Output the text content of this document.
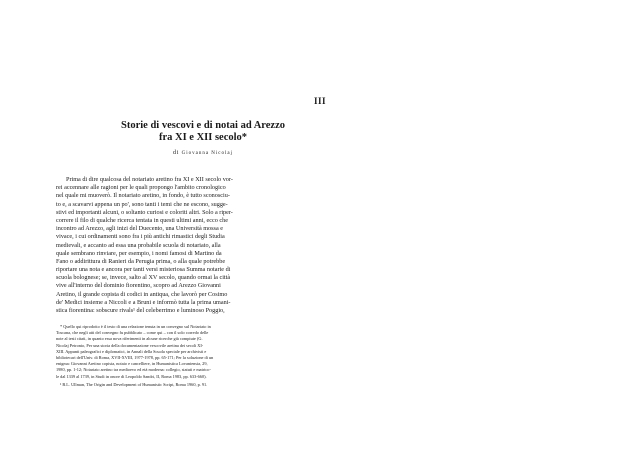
III
Storie di vescovi e di notai ad Arezzo
fra XI e XII secolo*
di Giovanna Nicolaj
Prima di dire qualcosa del notariato aretino fra XI e XII secolo vor-
rei accennare alle ragioni per le quali propongo l'ambito cronologico
nel quale mi muoverò. Il notariato aretino, in fondo, è tutto sconosciu-
to e, a scavarvi appena un po', sono tanti i temi che ne escono, sugge-
stivi ed importanti alcuni, o soltanto curiosi e coloriti altri. Solo a riper-
correre il filo di qualche ricerca tentata in questi ultimi anni, ecco che
incontro ad Arezzo, agli inizi del Duecento, una Università mossa e
vivace, i cui ordinamenti sono fra i più antichi rimastici degli Studia
medievali, e accanto ad essa una probabile scuola di notariato, alla
quale sembrano rinviare, per esempio, i nomi famosi di Martino da
Fano o addirittura di Ranieri da Perugia prima, o alla quale potrebbe
riportare una nota e ancora per tanti versi misteriosa Summa notarie di
scuola bolognese; se, invece, salto al XV secolo, quando ormai la città
vive all'interno del dominio fiorentino, scopro ad Arezzo Giovanni
Aretino, il grande copista di codici in antiqua, che lavorò per Cosimo
de' Medici insieme a Niccoli e a Bruni e informò tutta la prima umani-
stica fiorentina: sobscure rivals¹ del celeberrimo e luminoso Poggio,
* Quello qui riprodotto è il testo di una relazione tenuta in un convegno sul Notariato in
Toscana, che negli atti del convegno fu pubblicato – come qui – con il solo corredo delle
note al testi citati, in quanto essa nova riferimenti in alcune ricerche già compiute (G.
Nicolaj Petronio, Per una storia della documentazione vescovile aretina dei secoli XI-
XIII. Appunti paleografici e diplomatici, in Annali della Scuola speciale per archivisti e
bibliotecari dell'Univ. di Roma, XVII-XVIII, 1977-1978, pp. 65-171; Per la soluzione di un
enigma: Giovanni Aretino copista, notaio e cancelliere, in Humanistica Lovaniensia, 29,
1980, pp. 1-12; Notariato aretino tra medioevo ed età moderna: collegio, statuti e matrico-
le dal 1339 al 1739, in Studi in onore di Leopoldo Sandri, II, Roma 1983, pp. 633-660).
¹ B.L. Ullman, The Origin and Development of Humanistic Script, Roma 1960, p. 91.
